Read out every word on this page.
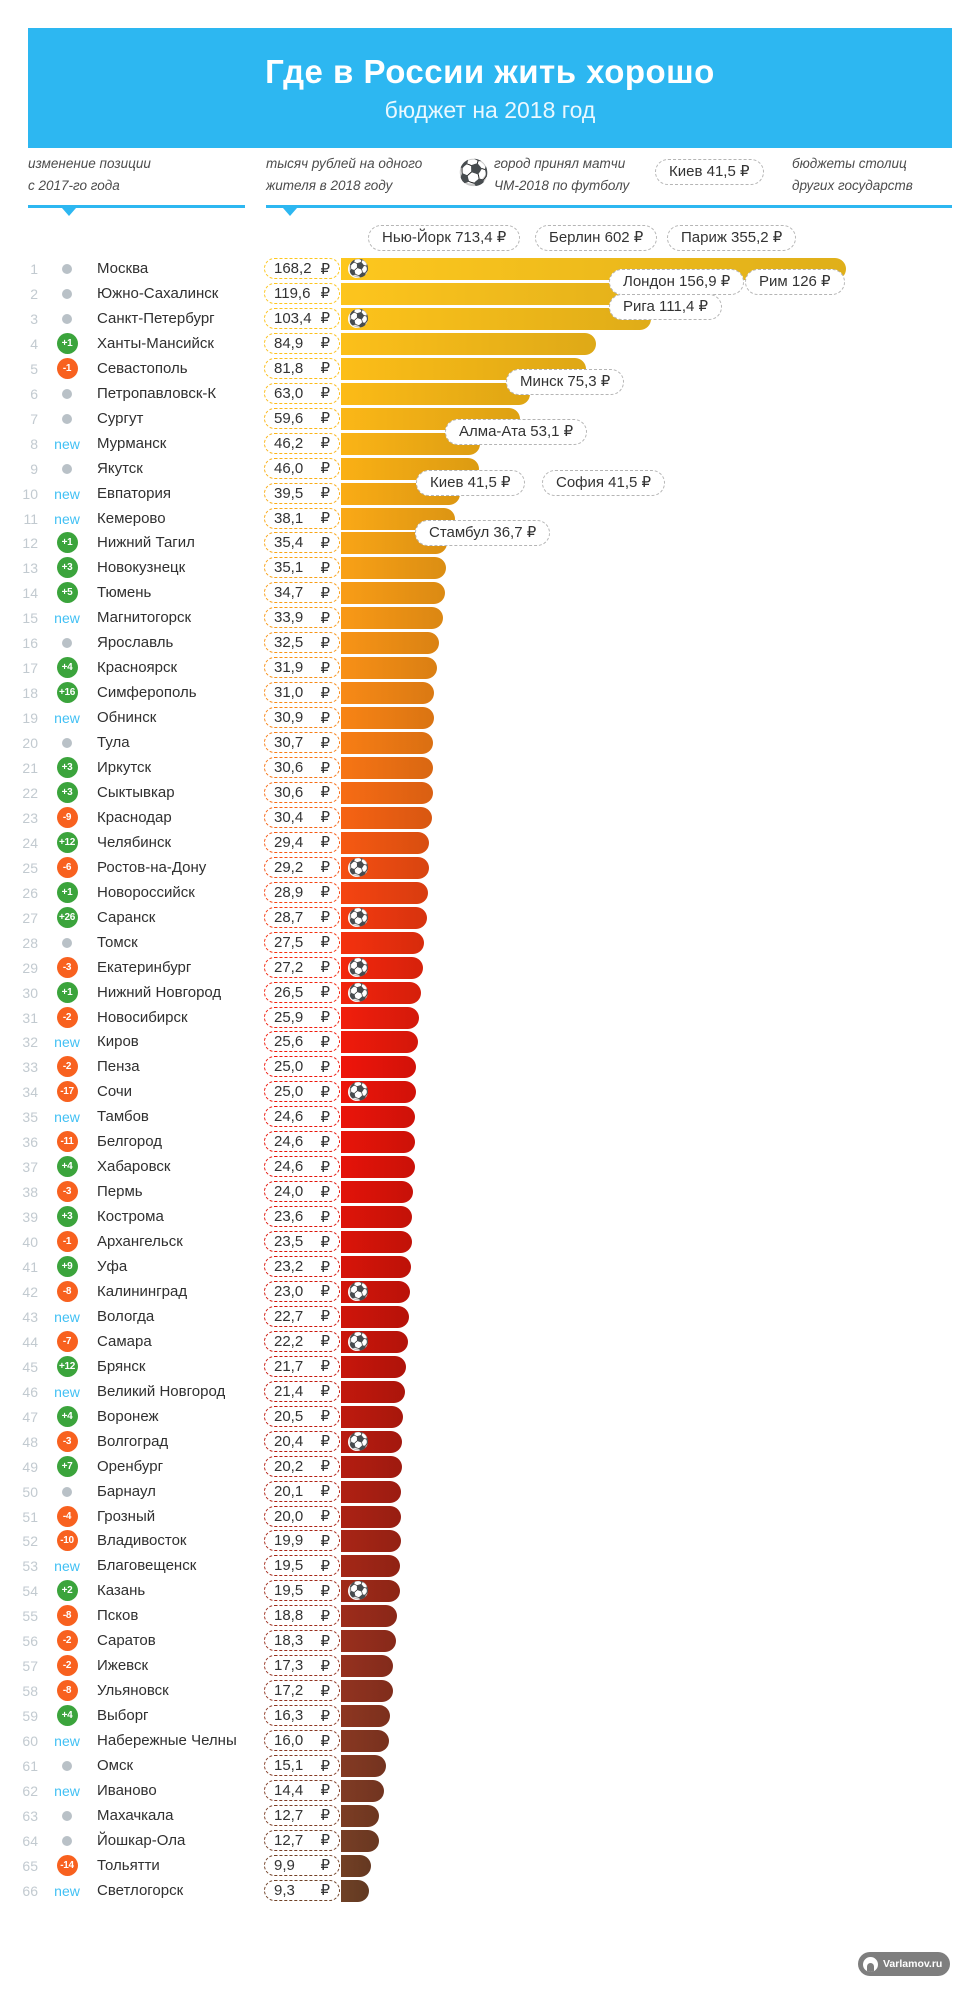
Где в России жить хорошо
бюджет на 2018 год
изменение позиции
с 2017-го года
тысяч рублей на одного
жителя в 2018 году	⚽ город принял матчи
ЧМ-2018 по футболу
Киев 41,5 ₽	бюджеты столиц
других государств
Нью-Йорк 713,4 ₽	Берлин 602 ₽	Париж 355,2 ₽
1	Москва	168,2 ₽ ⚽
2	Южно-Сахалинск	119,6 ₽
3	Санкт-Петербург	103,4 ₽ ⚽
4	+1	Ханты-Мансийск	84,9 ₽
5	-1	Севастополь	81,8 ₽
6	Петропавловск-К	63,0 ₽
7	Сургут	59,6 ₽
8 new Мурманск	46,2 ₽
9	Якутск	46,0 ₽
10 new Евпатория	39,5 ₽
11 new Кемерово	38,1 ₽
12	+1	Нижний Тагил	35,4 ₽
13	+3	Новокузнецк	35,1 ₽
14	+5	Тюмень	34,7 ₽
15 new Магнитогорск	33,9 ₽
16	Ярославль	32,5 ₽
17	+4	Красноярск	31,9 ₽
18	+16	Симферополь	31,0 ₽
19 new Обнинск	30,9 ₽
20	Тула	30,7 ₽
21	+3	Иркутск	30,6 ₽
22	+3	Сыктывкар	30,6 ₽
23	-9	Краснодар	30,4 ₽
24	+12	Челябинск	29,4 ₽
25	-6	Ростов-на-Дону	29,2 ₽ ⚽
26	+1	Новороссийск	28,9 ₽
27	+26	Саранск	28,7 ₽ ⚽
28	Томск	27,5 ₽
29	-3	Екатеринбург	27,2 ₽ ⚽
30	+1	Нижний Новгород	26,5 ₽ ⚽
31	-2	Новосибирск	25,9 ₽
32 new Киров	25,6 ₽
33	-2	Пенза	25,0 ₽
34	-17	Сочи	25,0 ₽ ⚽
35 new Тамбов	24,6 ₽
36	-11	Белгород	24,6 ₽
37	+4	Хабаровск	24,6 ₽
38	-3	Пермь	24,0 ₽
39	+3	Кострома	23,6 ₽
40	-1	Архангельск	23,5 ₽
41	+9	Уфа	23,2 ₽
42	-8	Калининград	23,0 ₽ ⚽
43 new Вологда	22,7 ₽
44	-7	Самара	22,2 ₽ ⚽
45	+12	Брянск	21,7 ₽
46 new Великий Новгород	21,4 ₽
47	+4	Воронеж	20,5 ₽
48	-3	Волгоград	20,4 ₽ ⚽
49	+7	Оренбург	20,2 ₽
50	Барнаул	20,1 ₽
51	-4	Грозный	20,0 ₽
52	-10	Владивосток	19,9 ₽
53 new Благовещенск	19,5 ₽
54	+2	Казань	19,5 ₽ ⚽
55	-8	Псков	18,8 ₽
56	-2	Саратов	18,3 ₽
57	-2	Ижевск	17,3 ₽
58	-8	Ульяновск	17,2 ₽
59	+4	Выборг	16,3 ₽
60 new Набережные Челны 16,0 ₽
61	Омск	15,1 ₽
62 new Иваново	14,4 ₽
63	Махачкала	12,7 ₽
64	Йошкар-Ола	12,7 ₽
65	-14	Тольятти	9,9 ₽
66 new Светлогорск	9,3 ₽
Лондон 156,9 ₽	Рим 126 ₽
Рига 111,4 ₽
Минск 75,3 ₽
Алма-Ата 53,1 ₽
Киев 41,5 ₽	София 41,5 ₽
Стамбул 36,7 ₽
Varlamov.ru
